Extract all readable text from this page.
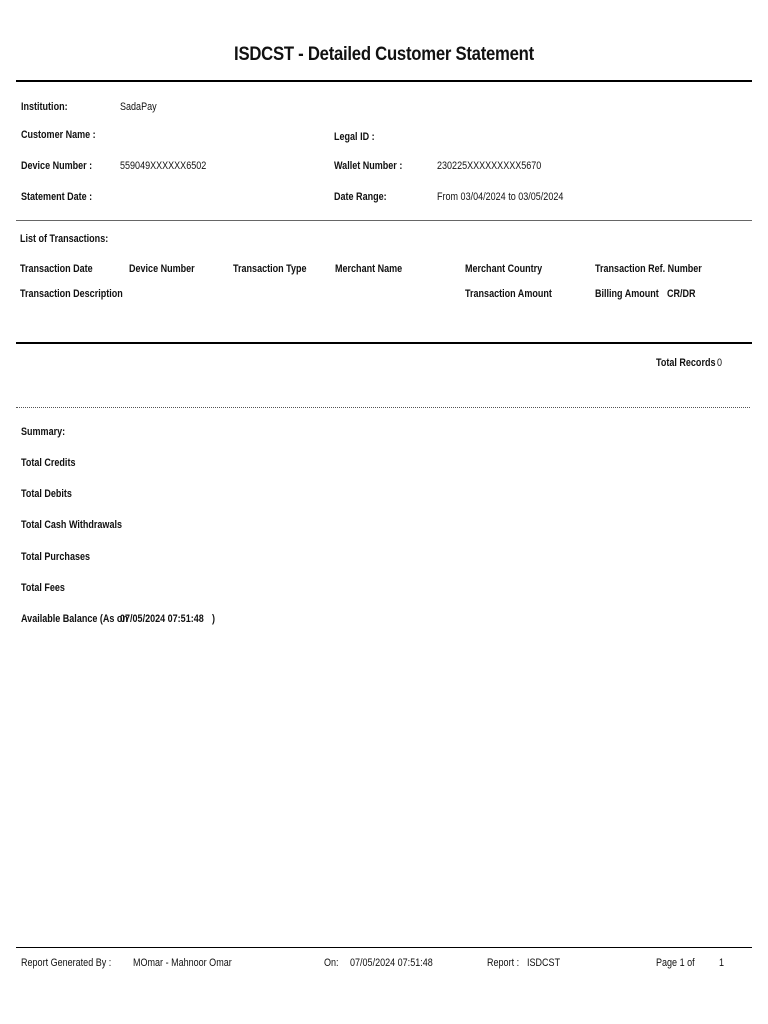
ISDCST - Detailed Customer Statement
Institution:	SadaPay
Customer Name :	Legal ID :
Device Number :	559049XXXXXX6502	Wallet Number :	230225XXXXXXXXX5670
Statement Date :	Date Range:	From 03/04/2024 to 03/05/2024
List of Transactions:
Transaction Date	Device Number	Transaction Type	Merchant Name	Merchant Country	Transaction Ref. Number
Transaction Description	Transaction Amount	Billing Amount CR/DR
Total Records 0
Summary:
Total Credits
Total Debits
Total Cash Withdrawals
Total Purchases
Total Fees
Available Balance (As on
07/05/2024 07:51:48 )
Report Generated By : MOmar - Mahnoor Omar	On: 07/05/2024 07:51:48	Report : ISDCST	Page 1 of 1
